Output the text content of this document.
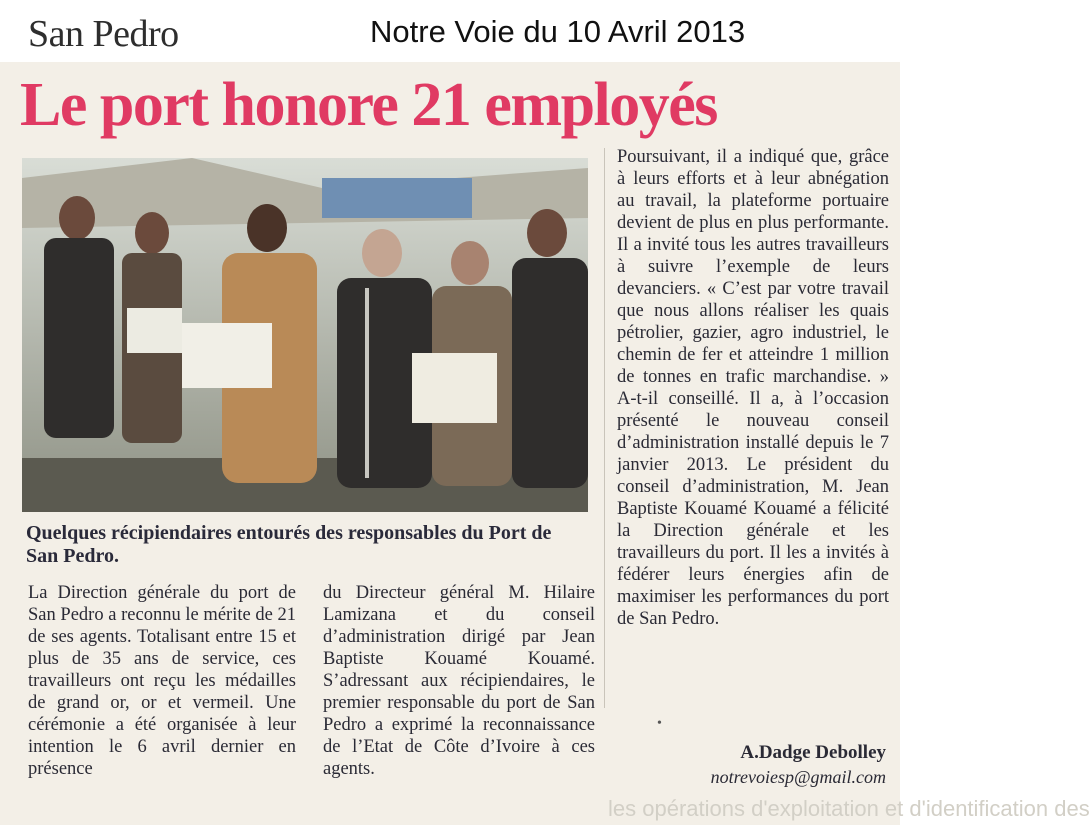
San Pedro	Notre Voie du 10 Avril 2013
Le port honore 21 employés

Quelques récipiendaires entourés des responsables du Port de San Pedro.

La Direction générale du port de San Pedro a reconnu le mérite de 21 de ses agents. Totalisant entre 15 et plus de 35 ans de service, ces travailleurs ont reçu les médailles de grand or, or et vermeil. Une cérémonie a été organisée à leur intention le 6 avril dernier en présence

du Directeur général M. Hilaire Lamizana et du conseil d’administration dirigé par Jean Baptiste Kouamé Kouamé. S’adressant aux récipiendaires, le premier responsable du port de San Pedro a exprimé la reconnaissance de l’Etat de Côte d’Ivoire à ces agents.

Poursuivant, il a indiqué que, grâce à leurs efforts et à leur abnégation au travail, la plateforme portuaire devient de plus en plus performante. Il a invité tous les autres travailleurs à suivre l’exemple de leurs devanciers. « C’est par votre travail que nous allons réaliser les quais pétrolier, gazier, agro industriel, le chemin de fer et atteindre 1 million de tonnes en trafic marchandise. » A-t-il conseillé. Il a, à l’occasion présenté le nouveau conseil d’administration installé depuis le 7 janvier 2013. Le président du conseil d’administration, M. Jean Baptiste Kouamé Kouamé a félicité la Direction générale et les travailleurs du port. Il les a invités à fédérer leurs énergies afin de maximiser les performances du port de San Pedro.

•
A.Dadge Debolley
notrevoiesp@gmail.com
les opérations d'exploitation et d'identification des
